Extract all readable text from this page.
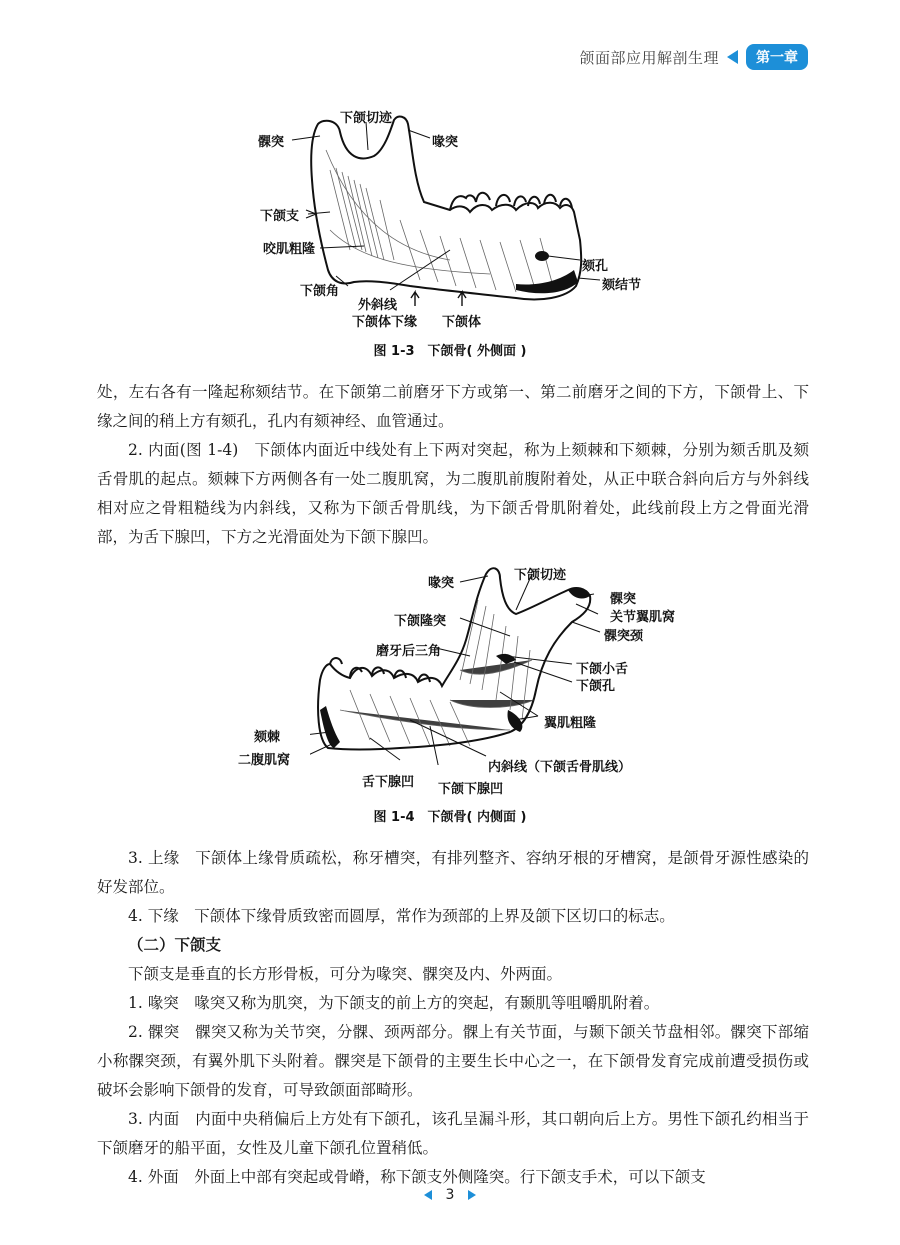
颌面部应用解剖生理	第一章
髁突
下颌切迹
喙突
下颌支
咬肌粗隆
下颌角
外斜线
下颌体下缘 下颌体
颏孔
颏结节
图 1-3　下颌骨( 外侧面 )

处，左右各有一隆起称颏结节。在下颌第二前磨牙下方或第一、第二前磨牙之间的下方，下颌骨上、下缘之间的稍上方有颏孔，孔内有颏神经、血管通过。

2. 内面(图 1-4)　下颌体内面近中线处有上下两对突起，称为上颏棘和下颏棘，分别为颏舌肌及颏舌骨肌的起点。颏棘下方两侧各有一处二腹肌窝，为二腹肌前腹附着处，从正中联合斜向后方与外斜线相对应之骨粗糙线为内斜线，又称为下颌舌骨肌线，为下颌舌骨肌附着处，此线前段上方之骨面光滑部，为舌下腺凹，下方之光滑面处为下颌下腺凹。

喙突
下颌切迹
髁突
关节翼肌窝
髁突颈
下颌隆突
磨牙后三角
下颌小舌
下颌孔
翼肌粗隆
颏棘
二腹肌窝	内斜线（下颌舌骨肌线）
舌下腺凹 下颌下腺凹
图 1-4　下颌骨( 内侧面 )

3. 上缘　下颌体上缘骨质疏松，称牙槽突，有排列整齐、容纳牙根的牙槽窝，是颌骨牙源性感染的好发部位。

4. 下缘　下颌体下缘骨质致密而圆厚，常作为颈部的上界及颌下区切口的标志。

（二）下颌支

下颌支是垂直的长方形骨板，可分为喙突、髁突及内、外两面。

1. 喙突　喙突又称为肌突，为下颌支的前上方的突起，有颞肌等咀嚼肌附着。

2. 髁突　髁突又称为关节突，分髁、颈两部分。髁上有关节面，与颞下颌关节盘相邻。髁突下部缩小称髁突颈，有翼外肌下头附着。髁突是下颌骨的主要生长中心之一，在下颌骨发育完成前遭受损伤或破坏会影响下颌骨的发育，可导致颌面部畸形。

3. 内面　内面中央稍偏后上方处有下颌孔，该孔呈漏斗形，其口朝向后上方。男性下颌孔约相当于下颌磨牙的船平面，女性及儿童下颌孔位置稍低。

4. 外面　外面上中部有突起或骨嵴，称下颌支外侧隆突。行下颌支手术，可以下颌支

3
